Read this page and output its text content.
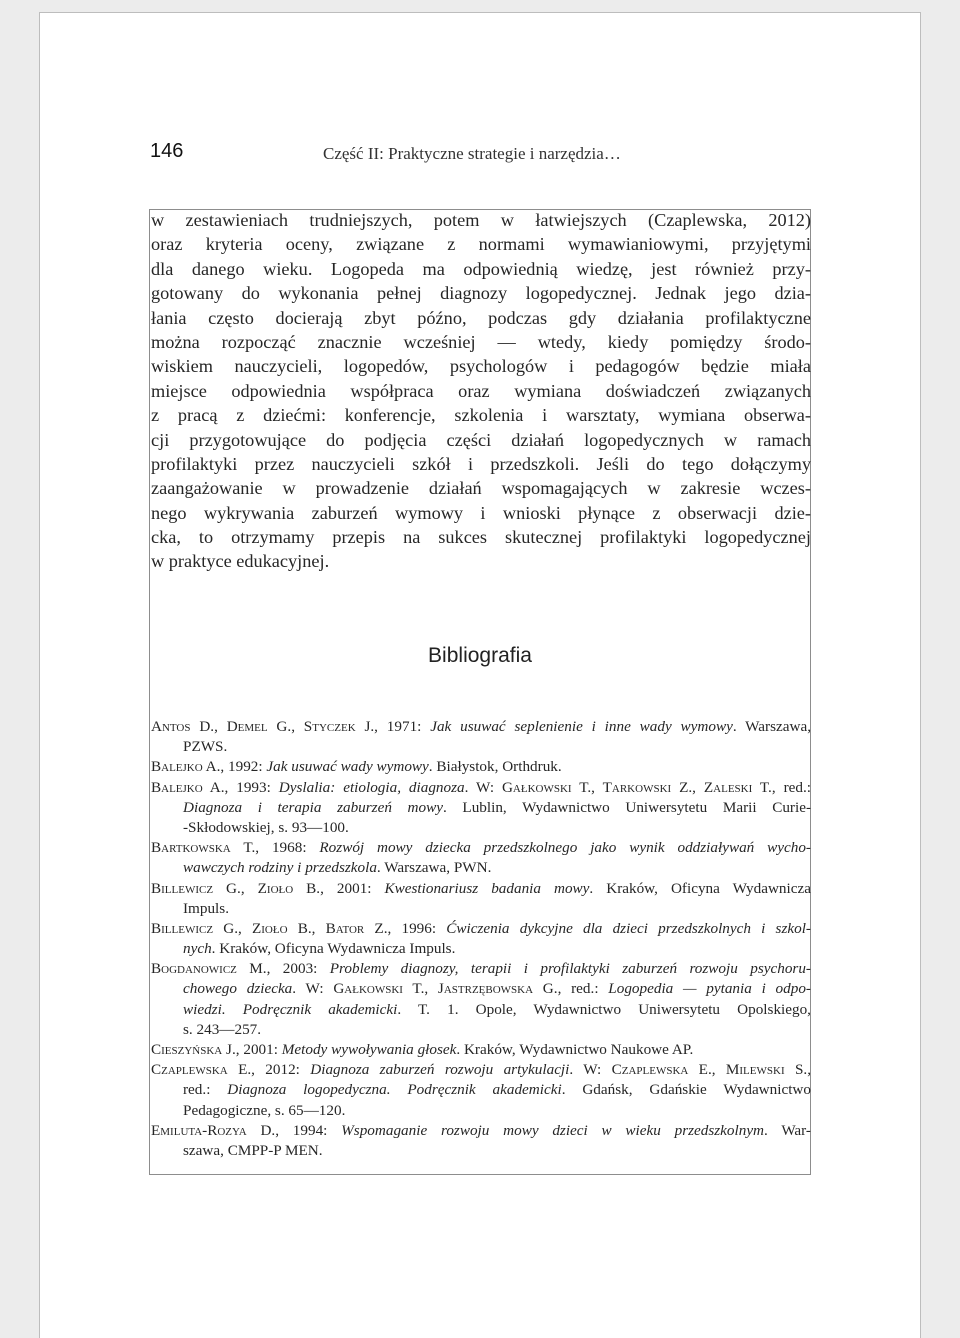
146	Część II: Praktyczne strategie i narzędzia…
w zestawieniach trudniejszych, potem w łatwiejszych (Czaplewska, 2012)
oraz kryteria oceny, związane z normami wymawianiowymi, przyjętymi
dla danego wieku. Logopeda ma odpowiednią wiedzę, jest również przy-
gotowany do wykonania pełnej diagnozy logopedycznej. Jednak jego dzia-
łania często docierają zbyt późno, podczas gdy działania profilaktyczne
można rozpocząć znacznie wcześniej — wtedy, kiedy pomiędzy środo-
wiskiem nauczycieli, logopedów, psychologów i pedagogów będzie miała
miejsce odpowiednia współpraca oraz wymiana doświadczeń związanych
z pracą z dziećmi: konferencje, szkolenia i warsztaty, wymiana obserwa-
cji przygotowujące do podjęcia części działań logopedycznych w ramach
profilaktyki przez nauczycieli szkół i przedszkoli. Jeśli do tego dołączymy
zaangażowanie w prowadzenie działań wspomagających w zakresie wczes-
nego wykrywania zaburzeń wymowy i wnioski płynące z obserwacji dzie-
cka, to otrzymamy przepis na sukces skutecznej profilaktyki logopedycznej
w praktyce edukacyjnej.
Bibliografia
Antos D., Demel G., Styczek J., 1971: Jak usuwać seplenienie i inne wady wymowy. Warszawa,
PZWS.
Balejko A., 1992: Jak usuwać wady wymowy. Białystok, Orthdruk.
Balejko A., 1993: Dyslalia: etiologia, diagnoza. W: Gałkowski T., Tarkowski Z., Zaleski T., red.:
Diagnoza i terapia zaburzeń mowy. Lublin, Wydawnictwo Uniwersytetu Marii Curie-
-Skłodowskiej, s. 93—100.
Bartkowska T., 1968: Rozwój mowy dziecka przedszkolnego jako wynik oddziaływań wycho-
wawczych rodziny i przedszkola. Warszawa, PWN.
Billewicz G., Zioło B., 2001: Kwestionariusz badania mowy. Kraków, Oficyna Wydawnicza
Impuls.
Billewicz G., Zioło B., Bator Z., 1996: Ćwiczenia dykcyjne dla dzieci przedszkolnych i szkol-
nych. Kraków, Oficyna Wydawnicza Impuls.
Bogdanowicz M., 2003: Problemy diagnozy, terapii i profilaktyki zaburzeń rozwoju psychoru-
chowego dziecka. W: Gałkowski T., Jastrzębowska G., red.: Logopedia — pytania i odpo-
wiedzi. Podręcznik akademicki. T. 1. Opole, Wydawnictwo Uniwersytetu Opolskiego,
s. 243—257.
Cieszyńska J., 2001: Metody wywoływania głosek. Kraków, Wydawnictwo Naukowe AP.
Czaplewska E., 2012: Diagnoza zaburzeń rozwoju artykulacji. W: Czaplewska E., Milewski S.,
red.: Diagnoza logopedyczna. Podręcznik akademicki. Gdańsk, Gdańskie Wydawnictwo
Pedagogiczne, s. 65—120.
Emiluta-Rozya D., 1994: Wspomaganie rozwoju mowy dzieci w wieku przedszkolnym. War-
szawa, CMPP-P MEN.
